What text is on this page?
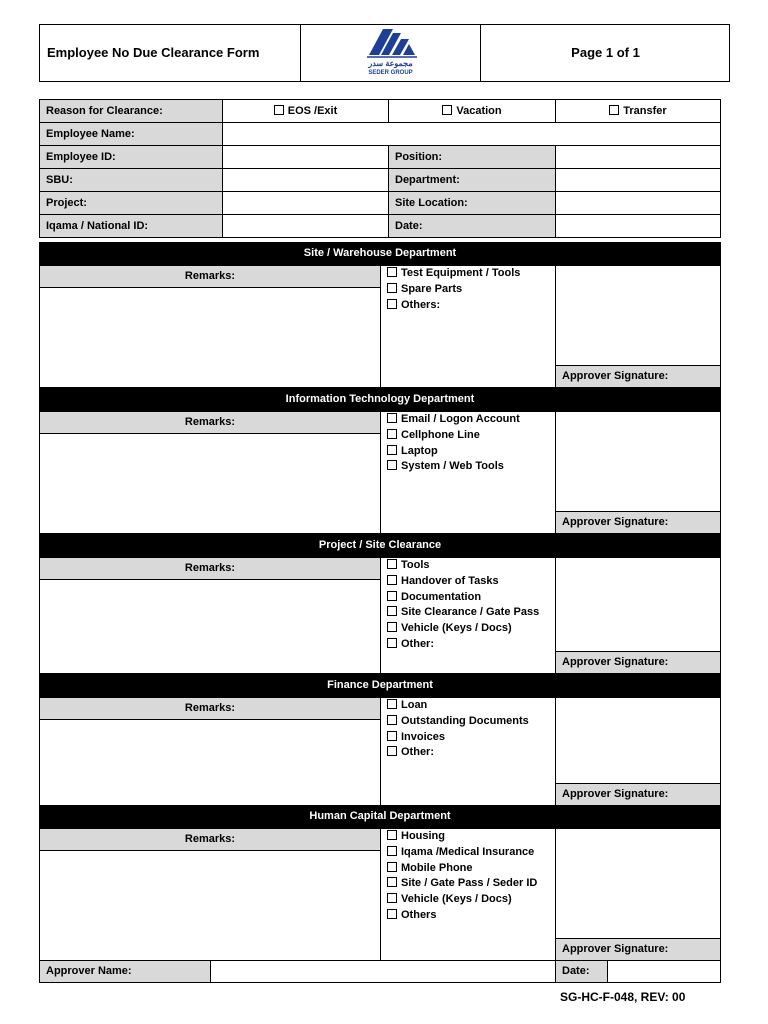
Employee No Due Clearance Form
مجموعة سدر
SEDER GROUP
Page 1 of 1
Reason for Clearance:	EOS /Exit	Vacation	Transfer
Employee Name:
Employee ID:	Position:
SBU:	Department:
Project:	Site Location:
Iqama / National ID:	Date:
Site / Warehouse Department
Remarks:	Test Equipment / Tools
Spare Parts
Others:
Approver Signature:
Information Technology Department
Remarks:	Email / Logon Account
Cellphone Line
Laptop
System / Web Tools
Approver Signature:
Project / Site Clearance
Remarks:	Tools
Handover of Tasks
Documentation
Site Clearance / Gate Pass
Vehicle (Keys / Docs)
Other:
Approver Signature:
Finance Department
Remarks:	Loan
Outstanding Documents
Invoices
Other:
Approver Signature:
Human Capital Department
Remarks:	Housing
Iqama /Medical Insurance
Mobile Phone
Site / Gate Pass / Seder ID
Vehicle (Keys / Docs)
Others
Approver Signature:
Approver Name:	Date:
SG-HC-F-048, REV: 00
